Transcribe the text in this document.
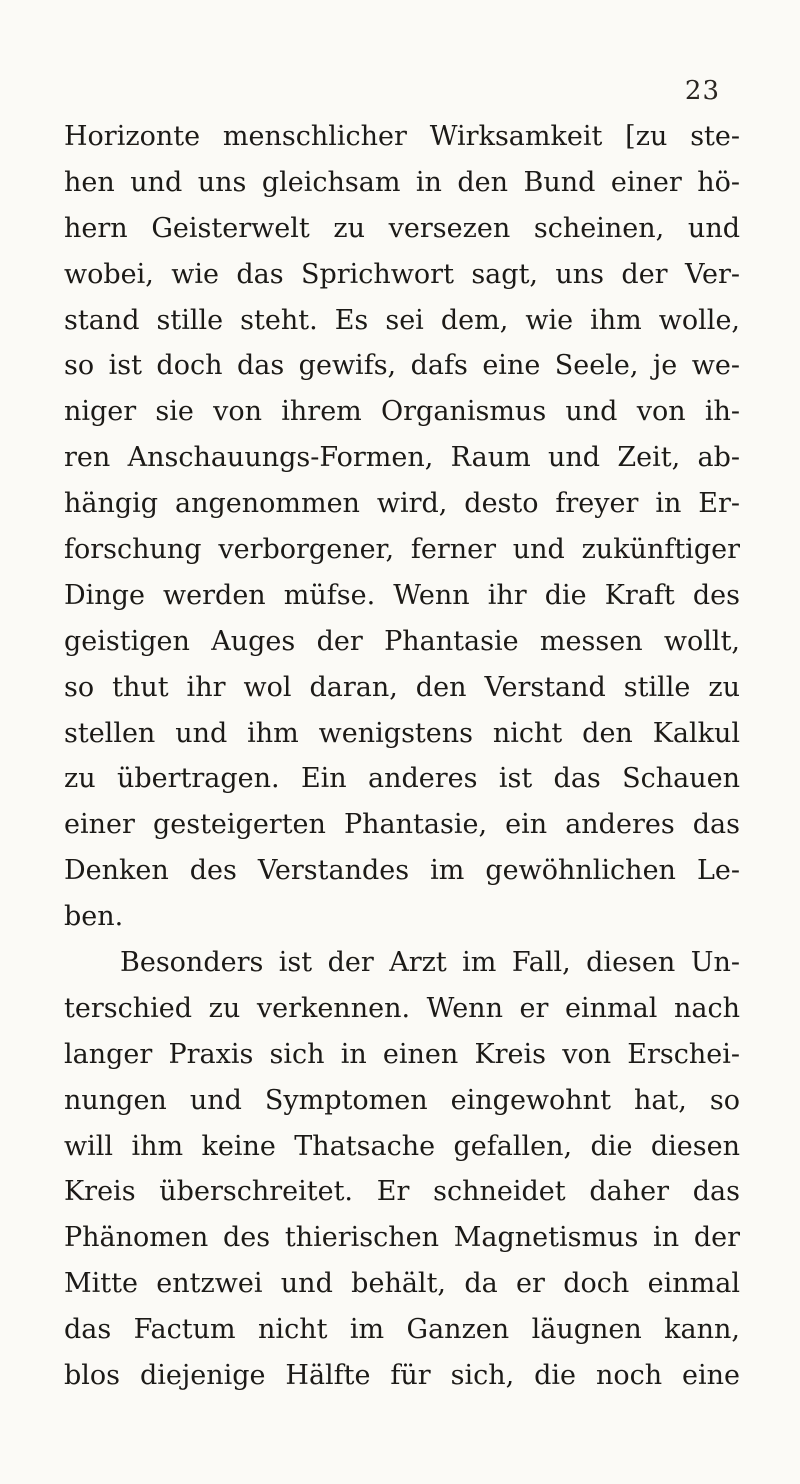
23
Horizonte menschlicher Wirksamkeit [zu ste-
hen und uns gleichsam in den Bund einer hö-
hern Geisterwelt zu versezen scheinen, und
wobei, wie das Sprichwort sagt, uns der Ver-
stand stille steht. Es sei dem, wie ihm wolle,
so ist doch das gewifs, dafs eine Seele, je we-
niger sie von ihrem Organismus und von ih-
ren Anschauungs-Formen, Raum und Zeit, ab-
hängig angenommen wird, desto freyer in Er-
forschung verborgener, ferner und zukünftiger
Dinge werden müfse. Wenn ihr die Kraft des
geistigen Auges der Phantasie messen wollt,
so thut ihr wol daran, den Verstand stille zu
stellen und ihm wenigstens nicht den Kalkul
zu übertragen. Ein anderes ist das Schauen
einer gesteigerten Phantasie, ein anderes das
Denken des Verstandes im gewöhnlichen Le-
ben.
Besonders ist der Arzt im Fall, diesen Un-
terschied zu verkennen. Wenn er einmal nach
langer Praxis sich in einen Kreis von Erschei-
nungen und Symptomen eingewohnt hat, so
will ihm keine Thatsache gefallen, die diesen
Kreis überschreitet. Er schneidet daher das
Phänomen des thierischen Magnetismus in der
Mitte entzwei und behält, da er doch einmal
das Factum nicht im Ganzen läugnen kann,
blos diejenige Hälfte für sich, die noch eine
